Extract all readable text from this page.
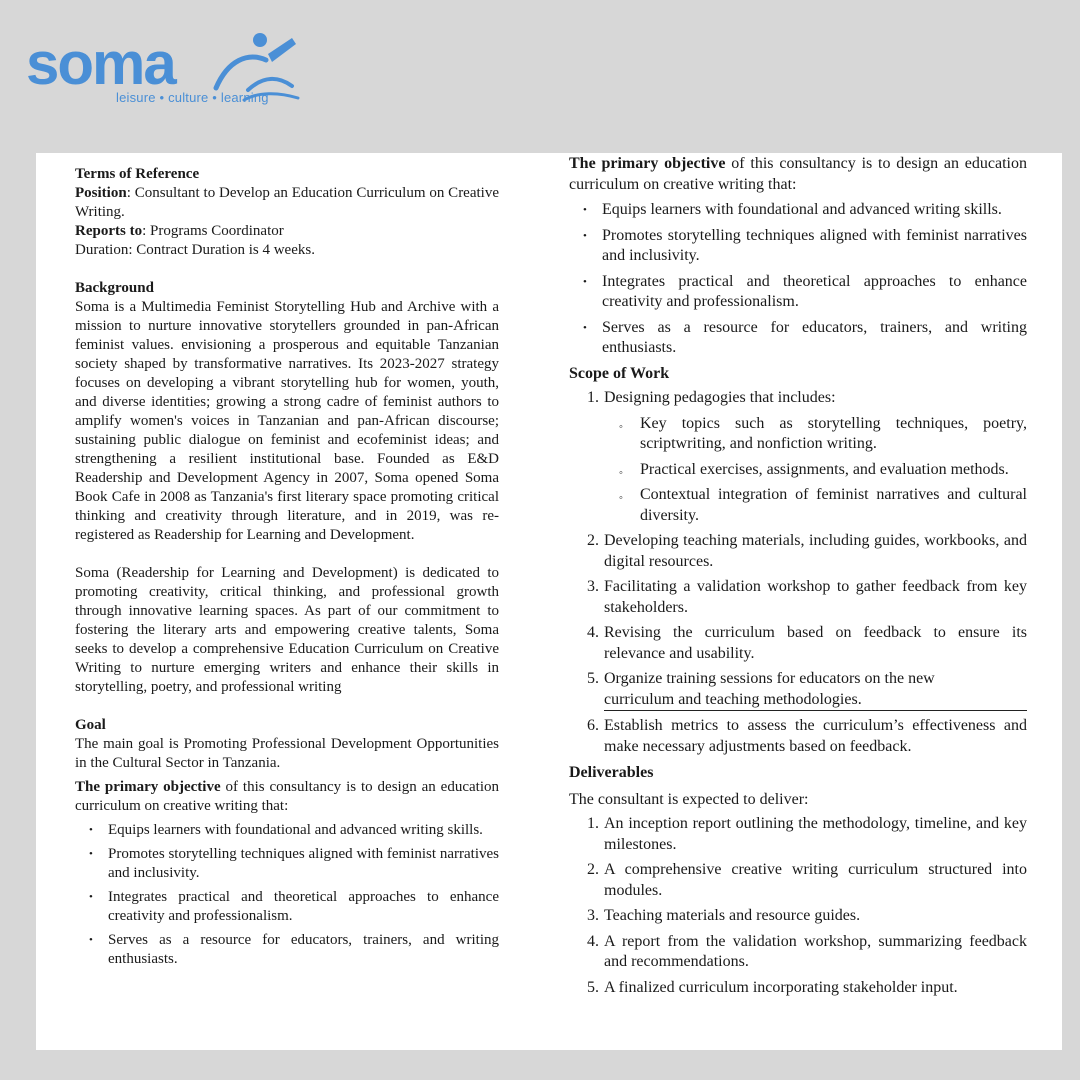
soma
leisure • culture • learning

Terms of Reference

Position: Consultant to Develop an Education Curriculum on Creative Writing.

Reports to: Programs Coordinator

Duration: Contract Duration is 4 weeks.

Background

Soma is a Multimedia Feminist Storytelling Hub and Archive with a mission to nurture innovative storytellers grounded in pan-African feminist values. envisioning a prosperous and equitable Tanzanian society shaped by transformative narratives. Its 2023-2027 strategy focuses on developing a vibrant storytelling hub for women, youth, and diverse identities; growing a strong cadre of feminist authors to amplify women's voices in Tanzanian and pan-African discourse; sustaining public dialogue on feminist and ecofeminist ideas; and strengthening a resilient institutional base. Founded as E&D Readership and Development Agency in 2007, Soma opened Soma Book Cafe in 2008 as Tanzania's first literary space promoting critical thinking and creativity through literature, and in 2019, was re-registered as Readership for Learning and Development.

Soma (Readership for Learning and Development) is dedicated to promoting creativity, critical thinking, and professional growth through innovative learning spaces. As part of our commitment to fostering the literary arts and empowering creative talents, Soma seeks to develop a comprehensive Education Curriculum on Creative Writing to nurture emerging writers and enhance their skills in storytelling, poetry, and professional writing

Goal

The main goal is Promoting Professional Development Opportunities in the Cultural Sector in Tanzania.

The primary objective of this consultancy is to design an education curriculum on creative writing that:

• Equips learners with foundational and advanced writing skills.
• Promotes storytelling techniques aligned with feminist narratives and inclusivity.
• Integrates practical and theoretical approaches to enhance creativity and professionalism.
• Serves as a resource for educators, trainers, and writing enthusiasts.

The primary objective of this consultancy is to design an education curriculum on creative writing that:

• Equips learners with foundational and advanced writing skills.
• Promotes storytelling techniques aligned with feminist narratives and inclusivity.
• Integrates practical and theoretical approaches to enhance creativity and professionalism.
• Serves as a resource for educators, trainers, and writing enthusiasts.

Scope of Work

1. Designing pedagogies that includes:
◦ Key topics such as storytelling techniques, poetry, scriptwriting, and nonfiction writing.
◦ Practical exercises, assignments, and evaluation methods.
◦ Contextual integration of feminist narratives and cultural diversity.
2. Developing teaching materials, including guides, workbooks, and digital resources.
3. Facilitating a validation workshop to gather feedback from key stakeholders.
4. Revising the curriculum based on feedback to ensure its relevance and usability.
5. Organize training sessions for educators on the new
curriculum and teaching methodologies.
6. Establish metrics to assess the curriculum’s effectiveness and make necessary adjustments based on feedback.

Deliverables

The consultant is expected to deliver:

1. An inception report outlining the methodology, timeline, and key milestones.
2. A comprehensive creative writing curriculum structured into modules.
3. Teaching materials and resource guides.
4. A report from the validation workshop, summarizing feedback and recommendations.
5. A finalized curriculum incorporating stakeholder input.
